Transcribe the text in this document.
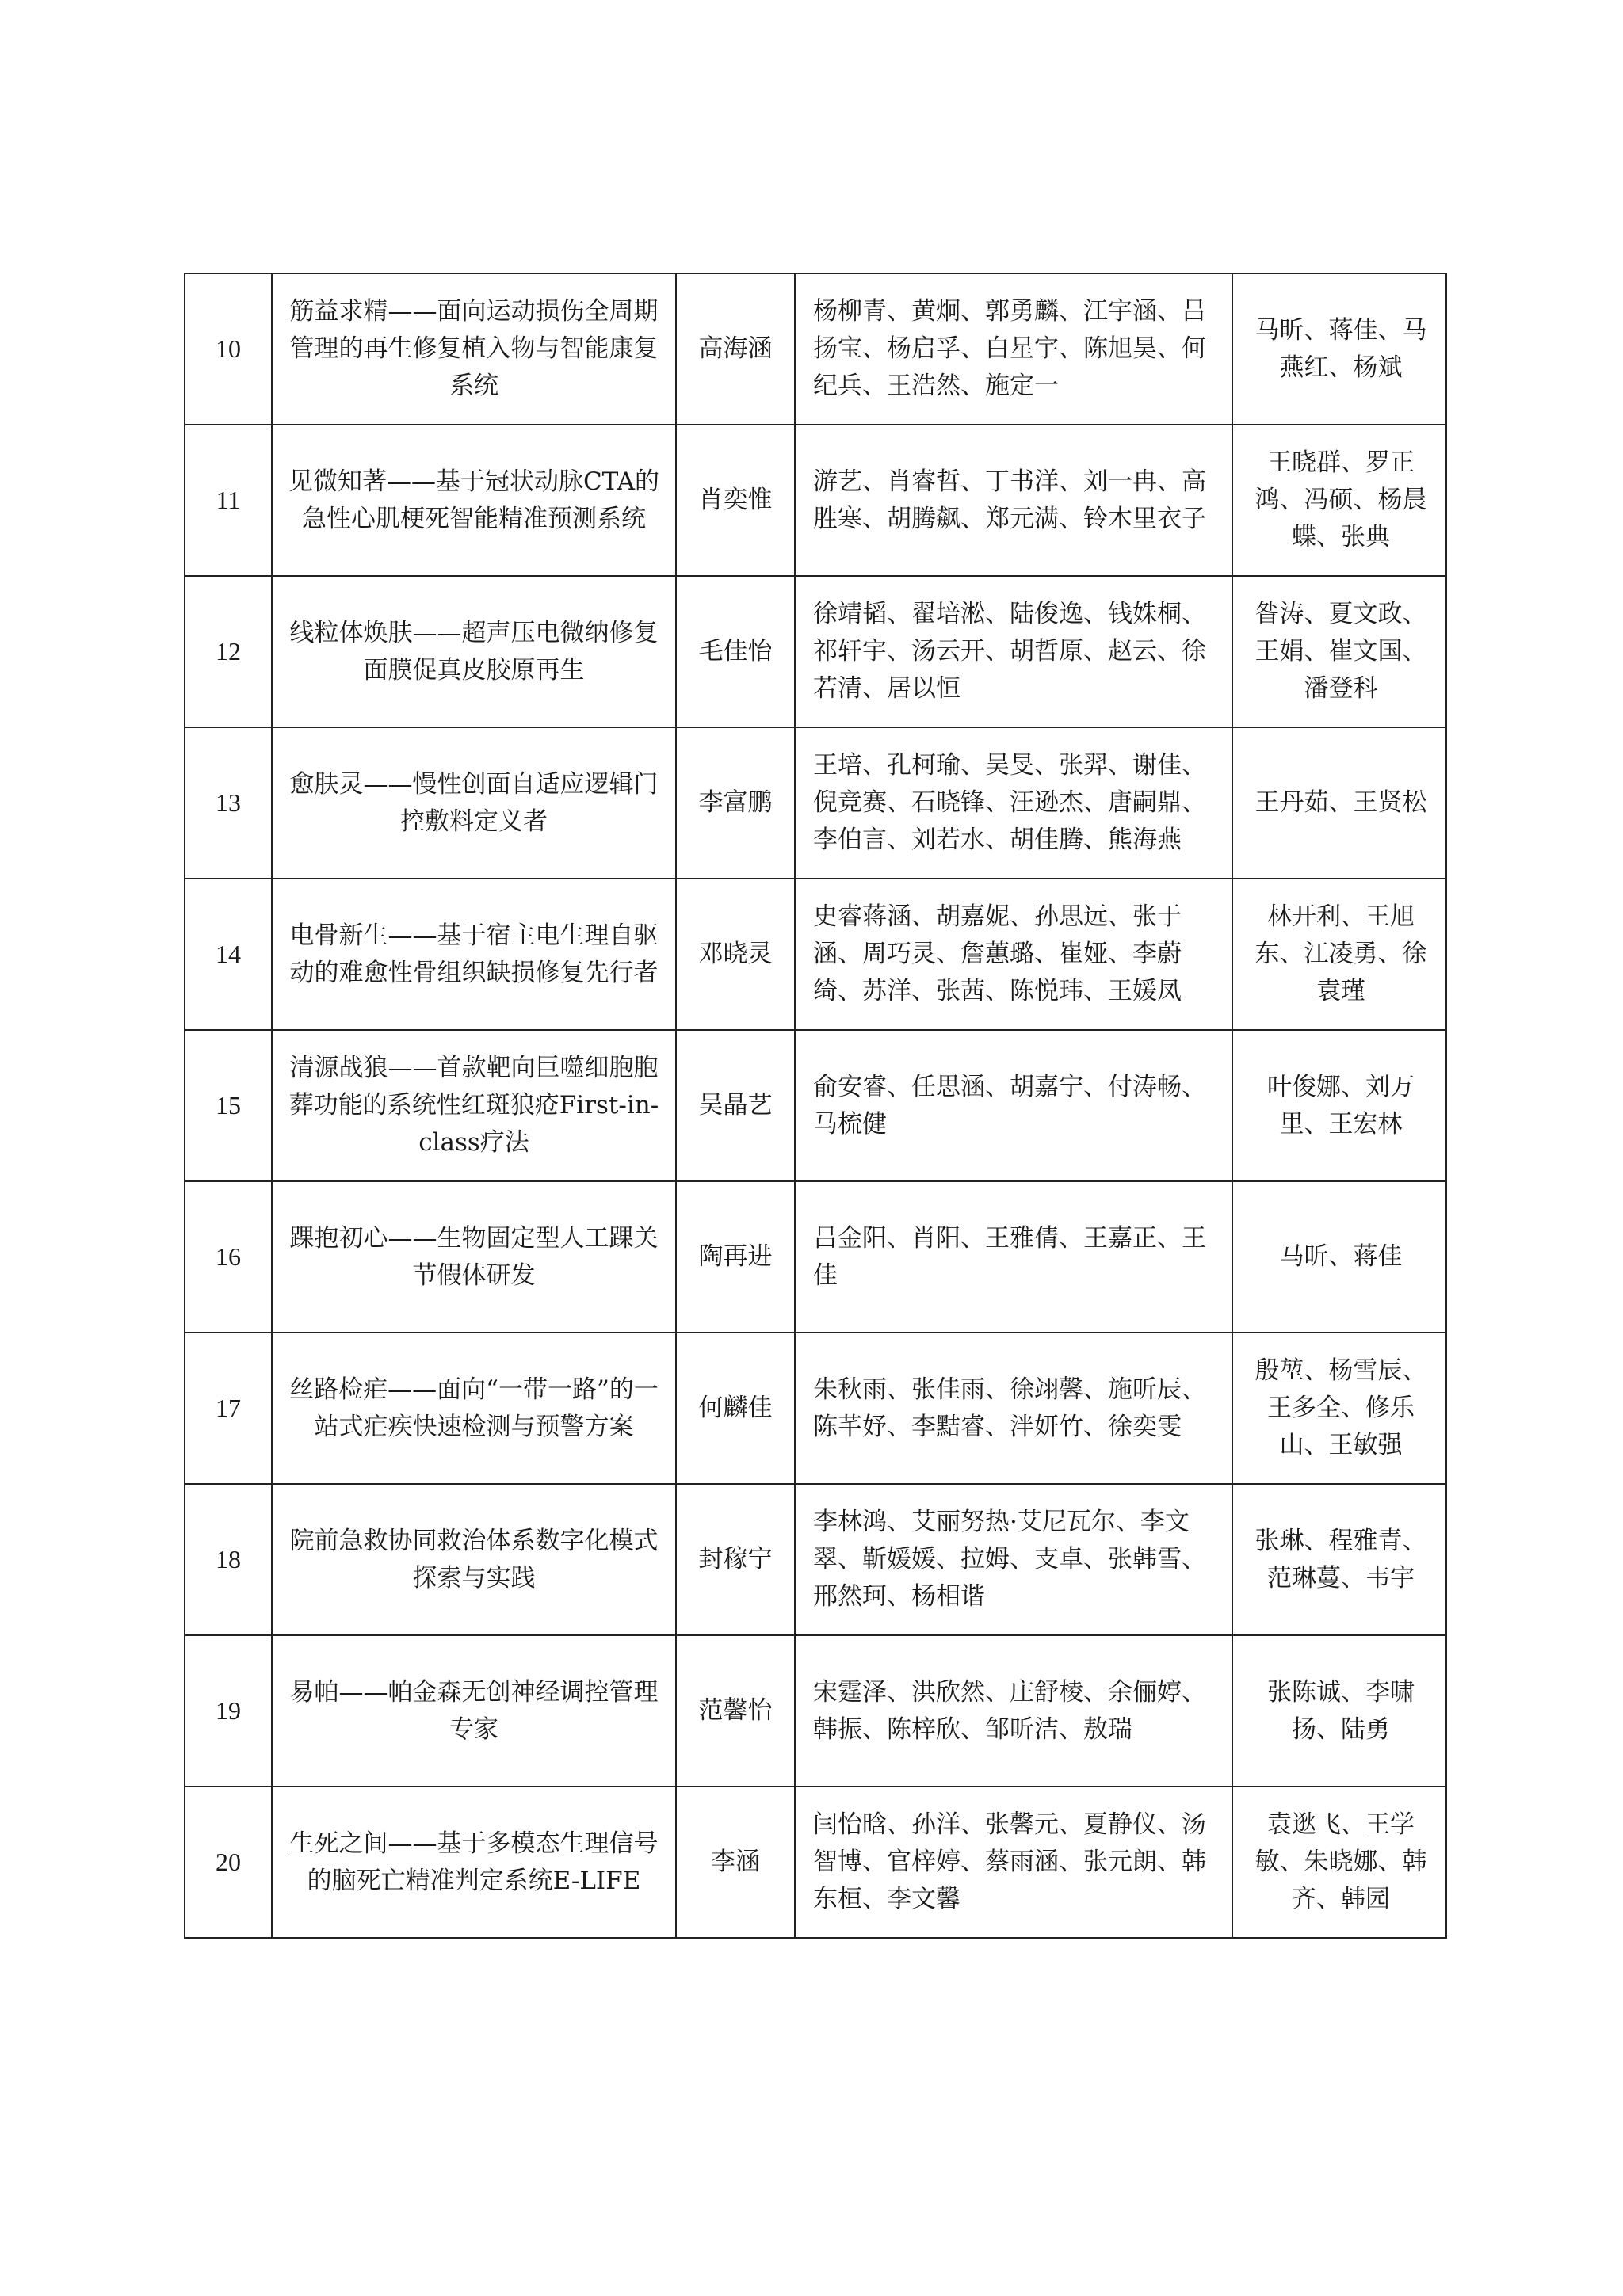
10	筋益求精——面向运动损伤全周期管理的再生修复植入物与智能康复系统	高海涵	杨柳青、黄炯、郭勇麟、江宇涵、吕扬宝、杨启孚、白星宇、陈旭昊、何纪兵、王浩然、施定一	马昕、蒋佳、马燕红、杨斌
11	见微知著——基于冠状动脉CTA的急性心肌梗死智能精准预测系统	肖奕惟	游艺、肖睿哲、丁书洋、刘一冉、高胜寒、胡腾飙、郑元满、铃木里衣子	王晓群、罗正鸿、冯硕、杨晨蝶、张典
12	线粒体焕肤——超声压电微纳修复面膜促真皮胶原再生	毛佳怡	徐靖韬、翟培淞、陆俊逸、钱姝桐、祁轩宇、汤云开、胡哲原、赵云、徐若清、居以恒	昝涛、夏文政、王娟、崔文国、潘登科
13	愈肤灵——慢性创面自适应逻辑门控敷料定义者	李富鹏	王培、孔柯瑜、吴旻、张羿、谢佳、倪竞赛、石晓锋、汪逊杰、唐嗣鼎、李伯言、刘若水、胡佳腾、熊海燕	王丹茹、王贤松
14	电骨新生——基于宿主电生理自驱动的难愈性骨组织缺损修复先行者	邓晓灵	史睿蒋涵、胡嘉妮、孙思远、张于涵、周巧灵、詹蕙璐、崔娅、李蔚绮、苏洋、张茜、陈悦玮、王媛凤	林开利、王旭东、江凌勇、徐袁瑾
15	清源战狼——首款靶向巨噬细胞胞葬功能的系统性红斑狼疮First-in-class疗法	吴晶艺	俞安睿、任思涵、胡嘉宁、付涛畅、马梳健	叶俊娜、刘万里、王宏林
16	踝抱初心——生物固定型人工踝关节假体研发	陶再进	吕金阳、肖阳、王雅倩、王嘉正、王佳	马昕、蒋佳
17	丝路检疟——面向“一带一路”的一站式疟疾快速检测与预警方案	何麟佳	朱秋雨、张佳雨、徐翊馨、施昕辰、陈芊妤、李黠睿、泮妍竹、徐奕雯	殷堃、杨雪辰、王多全、修乐山、王敏强
18	院前急救协同救治体系数字化模式探索与实践	封稼宁	李林鸿、艾丽努热·艾尼瓦尔、李文翠、靳媛媛、拉姆、支卓、张韩雪、邢然珂、杨相谐	张琳、程雅青、范琳蔓、韦宇
19	易帕——帕金森无创神经调控管理专家	范馨怡	宋霆泽、洪欣然、庄舒棱、余俪婷、韩振、陈梓欣、邹昕洁、敖瑞	张陈诚、李啸扬、陆勇
20	生死之间——基于多模态生理信号的脑死亡精准判定系统E-LIFE	李涵	闫怡晗、孙洋、张馨元、夏静仪、汤智博、官梓婷、蔡雨涵、张元朗、韩东桓、李文馨	袁逖飞、王学敏、朱晓娜、韩齐、韩园
